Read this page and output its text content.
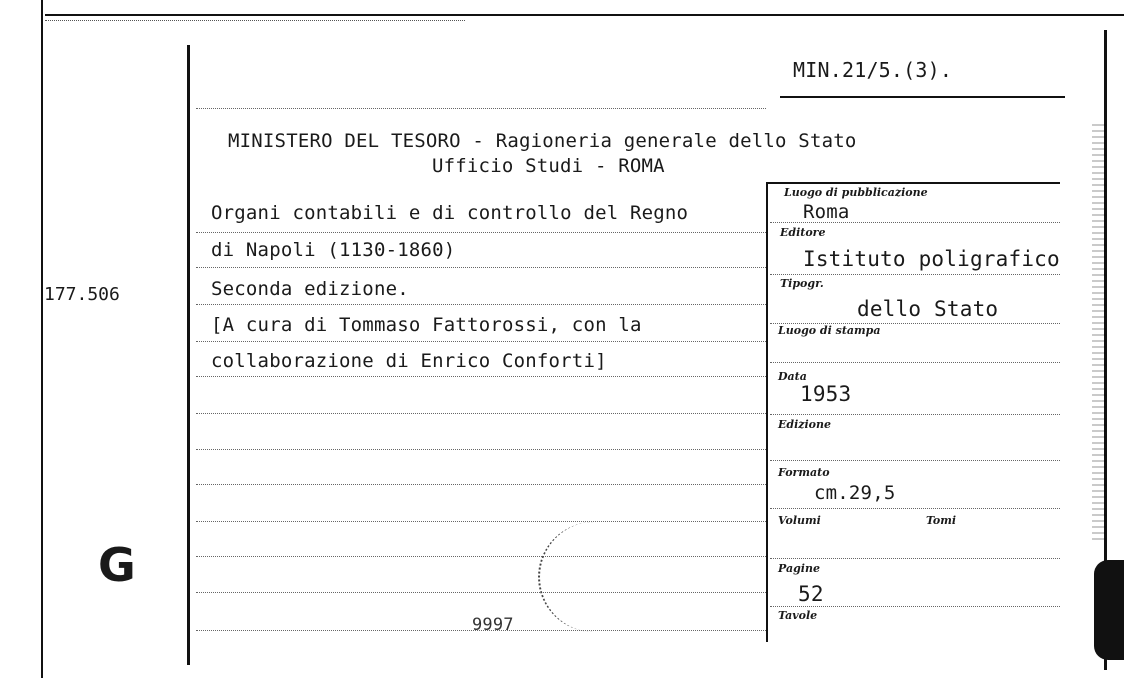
MIN.21/5.(3).
177.506
G
MINISTERO DEL TESORO - Ragioneria generale dello Stato
Ufficio Studi - ROMA
Organi contabili e di controllo del Regno
di Napoli (1130-1860)
Seconda edizione.
[A cura di Tommaso Fattorossi, con la
collaborazione di Enrico Conforti]
9997
Luogo di pubblicazione
Roma
Editore
Istituto poligrafico
Tipogr.
dello Stato
Luogo di stampa
Data
1953
Edizione
Formato
cm.29,5
Volumi	Tomi
Pagine
52
Tavole
